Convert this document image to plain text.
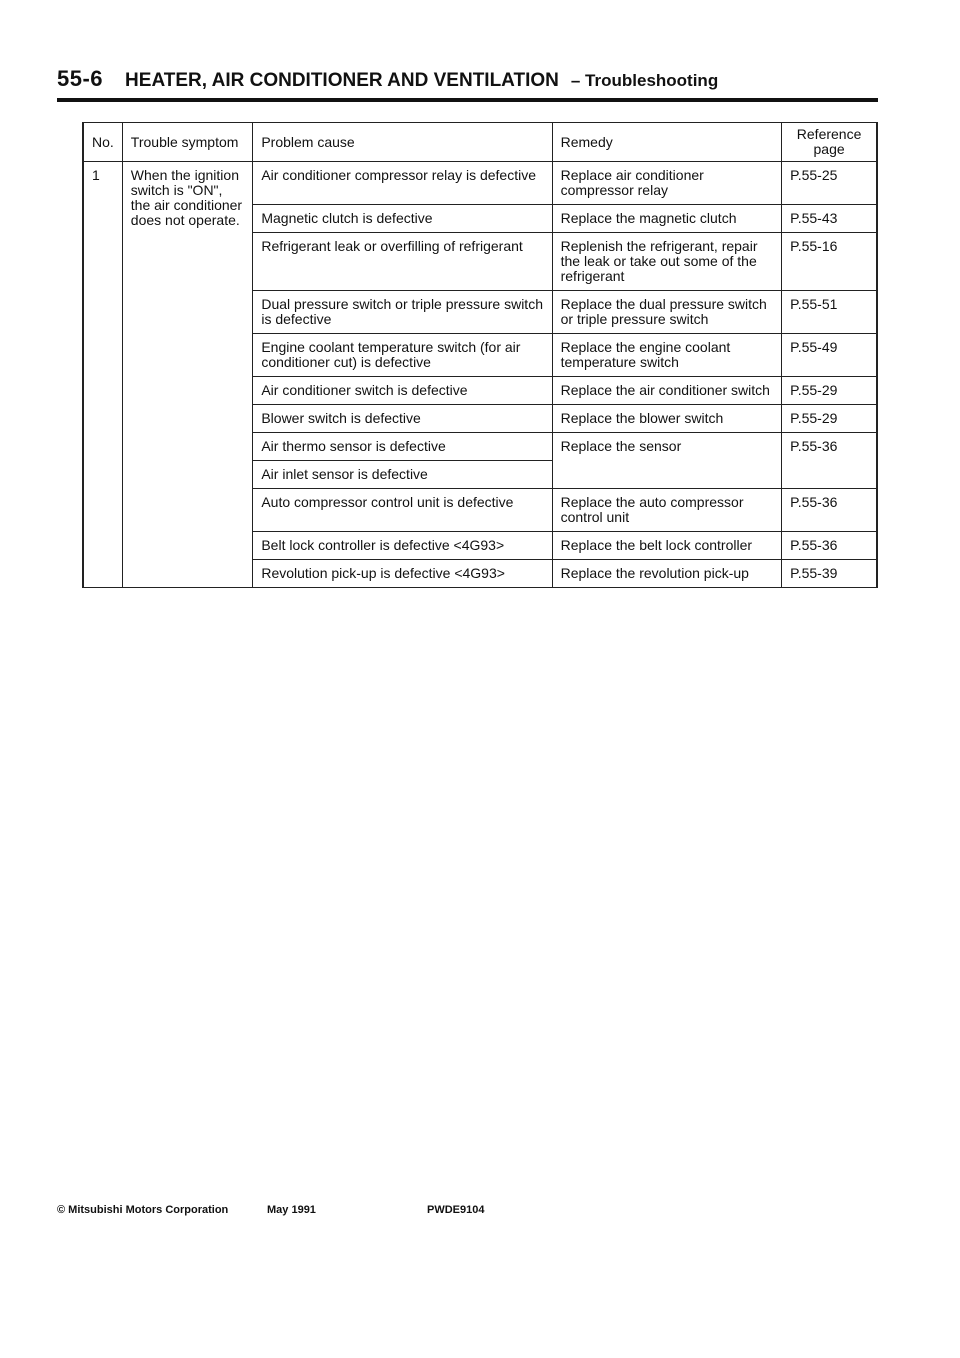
55-6 HEATER, AIR CONDITIONER AND VENTILATION – Troubleshooting
No.	Trouble symptom	Problem cause	Remedy	Reference page
1	When the ignition switch is "ON", the air conditioner does not operate.	Air conditioner compressor relay is defective	Replace air conditioner compressor relay	P.55-25
		Magnetic clutch is defective	Replace the magnetic clutch	P.55-43
		Refrigerant leak or overfilling of refrigerant	Replenish the refrigerant, repair the leak or take out some of the refrigerant	P.55-16
		Dual pressure switch or triple pressure switch is defective	Replace the dual pressure switch or triple pressure switch	P.55-51
		Engine coolant temperature switch (for air conditioner cut) is defective	Replace the engine coolant temperature switch	P.55-49
		Air conditioner switch is defective	Replace the air conditioner switch	P.55-29
		Blower switch is defective	Replace the blower switch	P.55-29
		Air thermo sensor is defective	Replace the sensor	P.55-36
		Air inlet sensor is defective		
		Auto compressor control unit is defective	Replace the auto compressor control unit	P.55-36
		Belt lock controller is defective <4G93>	Replace the belt lock controller	P.55-36
		Revolution pick-up is defective <4G93>	Replace the revolution pick-up	P.55-39
© Mitsubishi Motors Corporation	May 1991	PWDE9104
